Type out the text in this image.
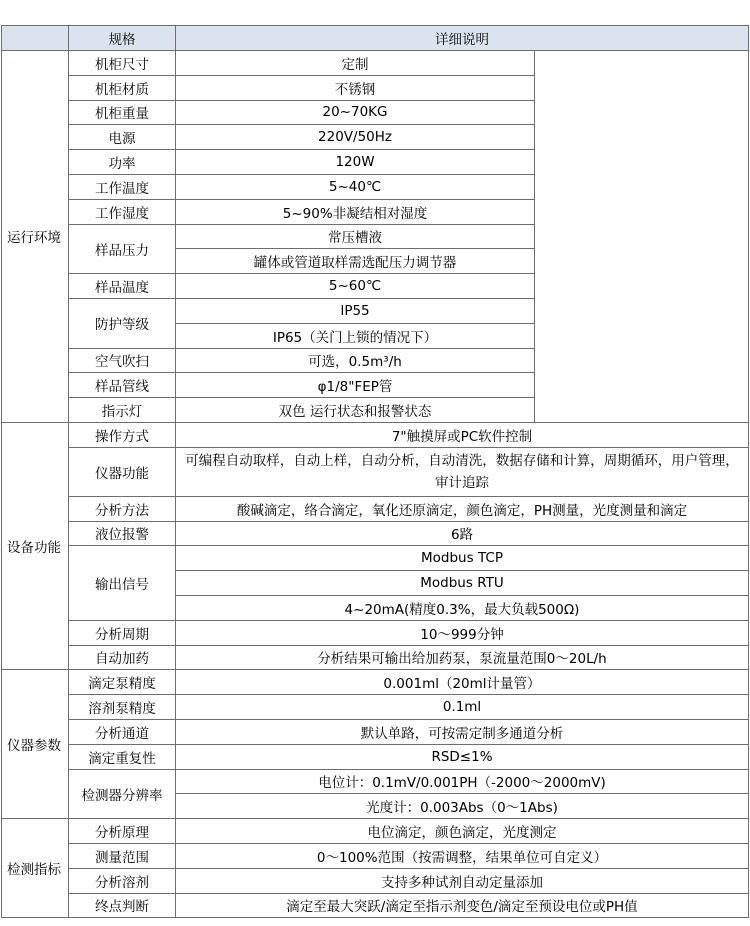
	规格	详细说明	
运行环境	机柜尺寸	定制	
	机柜材质	不锈钢	
	机柜重量	20~70KG	
	电源	220V/50Hz	
	功率	120W	
	工作温度	5~40℃	
	工作湿度	5~90%非凝结相对湿度	
	样品压力	常压槽液	
		罐体或管道取样需选配压力调节器	
	样品温度	5~60℃	
	防护等级	IP55	
		IP65（关门上锁的情况下）	
	空气吹扫	可选，0.5m³/h	
	样品管线	φ1/8"FEP管	
	指示灯	双色 运行状态和报警状态	
设备功能	操作方式	7"触摸屏或PC软件控制	
	仪器功能	可编程自动取样，自动上样，自动分析，自动清洗，数据存储和计算，周期循环，用户管理，审计追踪	
	分析方法	酸碱滴定，络合滴定，氧化还原滴定，颜色滴定，PH测量，光度测量和滴定	
	液位报警	6路	
	输出信号	Modbus TCP	
		Modbus RTU	
		4~20mA(精度0.3%，最大负载500Ω)	
	分析周期	10～999分钟	
	自动加药	分析结果可输出给加药泵，泵流量范围0～20L/h	
仪器参数	滴定泵精度	0.001ml（20ml计量管）	
	溶剂泵精度	0.1ml	
	分析通道	默认单路，可按需定制多通道分析	
	滴定重复性	RSD≤1%	
	检测器分辨率	电位计：0.1mV/0.001PH（-2000～2000mV)	
		光度计：0.003Abs（0～1Abs)	
检测指标	分析原理	电位滴定，颜色滴定，光度测定	
	测量范围	0～100%范围（按需调整，结果单位可自定义）	
	分析溶剂	支持多种试剂自动定量添加	
	终点判断	滴定至最大突跃/滴定至指示剂变色/滴定至预设电位或PH值	
